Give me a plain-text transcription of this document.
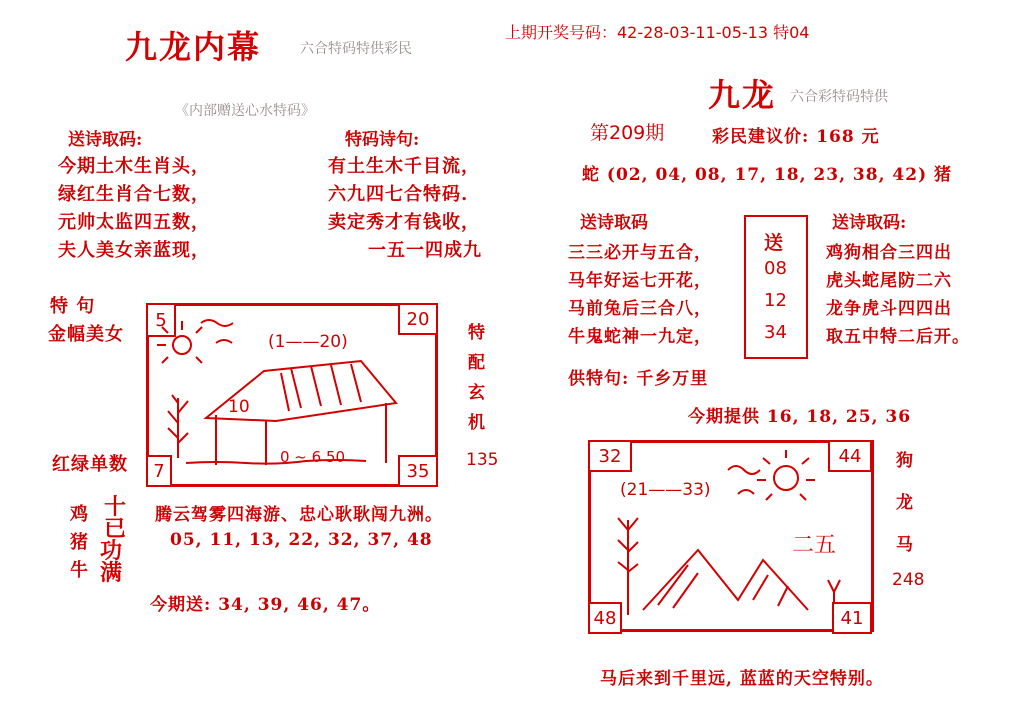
九龙内幕	六合特码特供彩民
《内部赠送心水特码》
送诗取码:
今期土木生肖头，
绿红生肖合七数，
元帅太监四五数，
夫人美女亲蓝现，
特码诗句:
有土生木千目流，
六九四七合特码.
卖定秀才有钱收，
一五一四成九
特 句
金幅美女
5	20
7	35
(1——20)
10
0 ~ 6 50
特
配
玄
机
135
红绿单数
鸡
猪
牛
十
已
功
满
腾云驾雾四海游、忠心耿耿闯九洲。
05, 11, 13, 22, 32, 37, 48
今期送: 34, 39, 46, 47。
上期开奖号码：42-28-03-11-05-13 特04
九龙 六合彩特码特供
第209期	彩民建议价: 168 元
蛇 (02, 04, 08, 17, 18, 23, 38, 42) 猪
送诗取码
三三必开与五合，
马年好运七开花，
马前兔后三合八，
牛鬼蛇神一九定，
送
08
12
34
送诗取码:
鸡狗相合三四出
虎头蛇尾防二六
龙争虎斗四四出
取五中特二后开。
供特句: 千乡万里
今期提供 16, 18, 25, 36
32	44
48	41
(21——33)
二五
狗
龙
马
248
马后来到千里远, 蓝蓝的天空特别。
